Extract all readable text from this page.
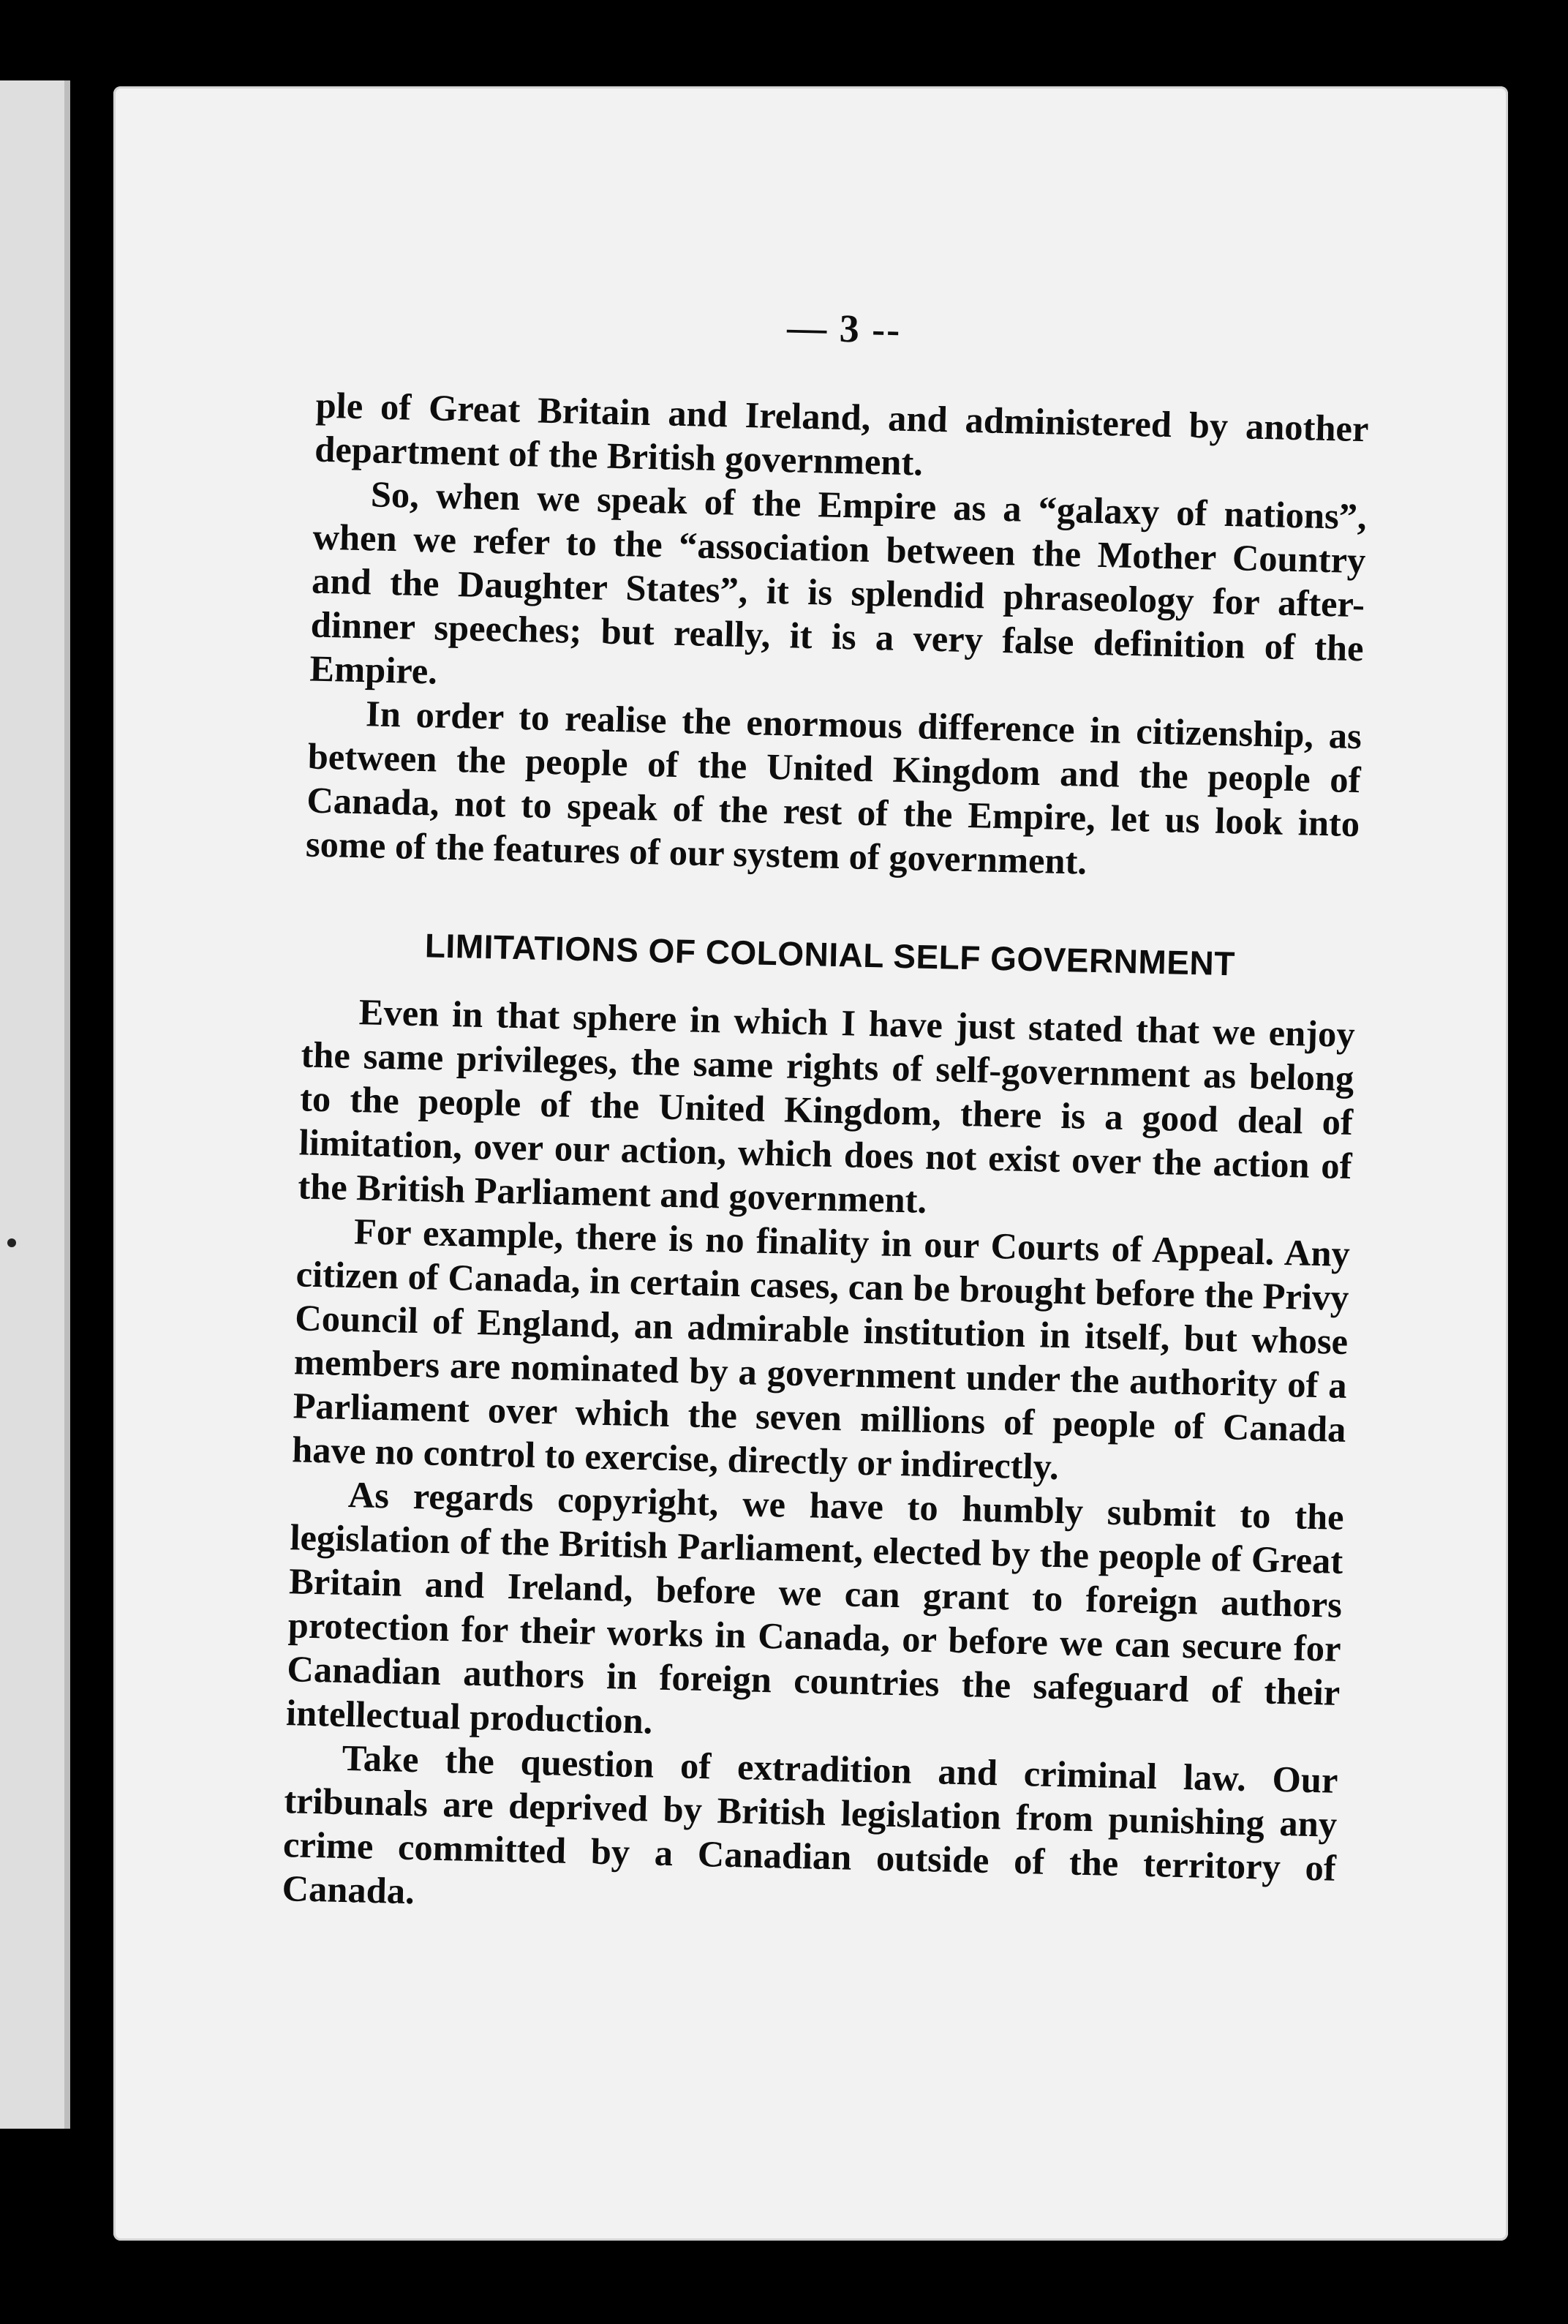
— 3 --

ple of Great Britain and Ireland, and administered by another department of the British government.

So, when we speak of the Empire as a “galaxy of nations”, when we refer to the “association between the Mother Country and the Daughter States”, it is splendid phraseology for after-dinner speeches; but really, it is a very false definition of the Empire.

In order to realise the enormous difference in citizenship, as between the people of the United Kingdom and the people of Canada, not to speak of the rest of the Empire, let us look into some of the features of our system of government.

LIMITATIONS OF COLONIAL SELF GOVERNMENT

Even in that sphere in which I have just stated that we enjoy the same privileges, the same rights of self-government as belong to the people of the United Kingdom, there is a good deal of limitation, over our action, which does not exist over the action of the British Parliament and government.

For example, there is no finality in our Courts of Appeal. Any citizen of Canada, in certain cases, can be brought before the Privy Council of England, an admirable institution in itself, but whose members are nominated by a government under the authority of a Parliament over which the seven millions of people of Canada have no control to exercise, directly or indirectly.

As regards copyright, we have to humbly submit to the legislation of the British Parliament, elected by the people of Great Britain and Ireland, before we can grant to foreign authors protection for their works in Canada, or before we can secure for Canadian authors in foreign countries the safeguard of their intellectual production.

Take the question of extradition and criminal law. Our tribunals are deprived by British legislation from punishing any crime committed by a Canadian outside of the territory of Canada.
